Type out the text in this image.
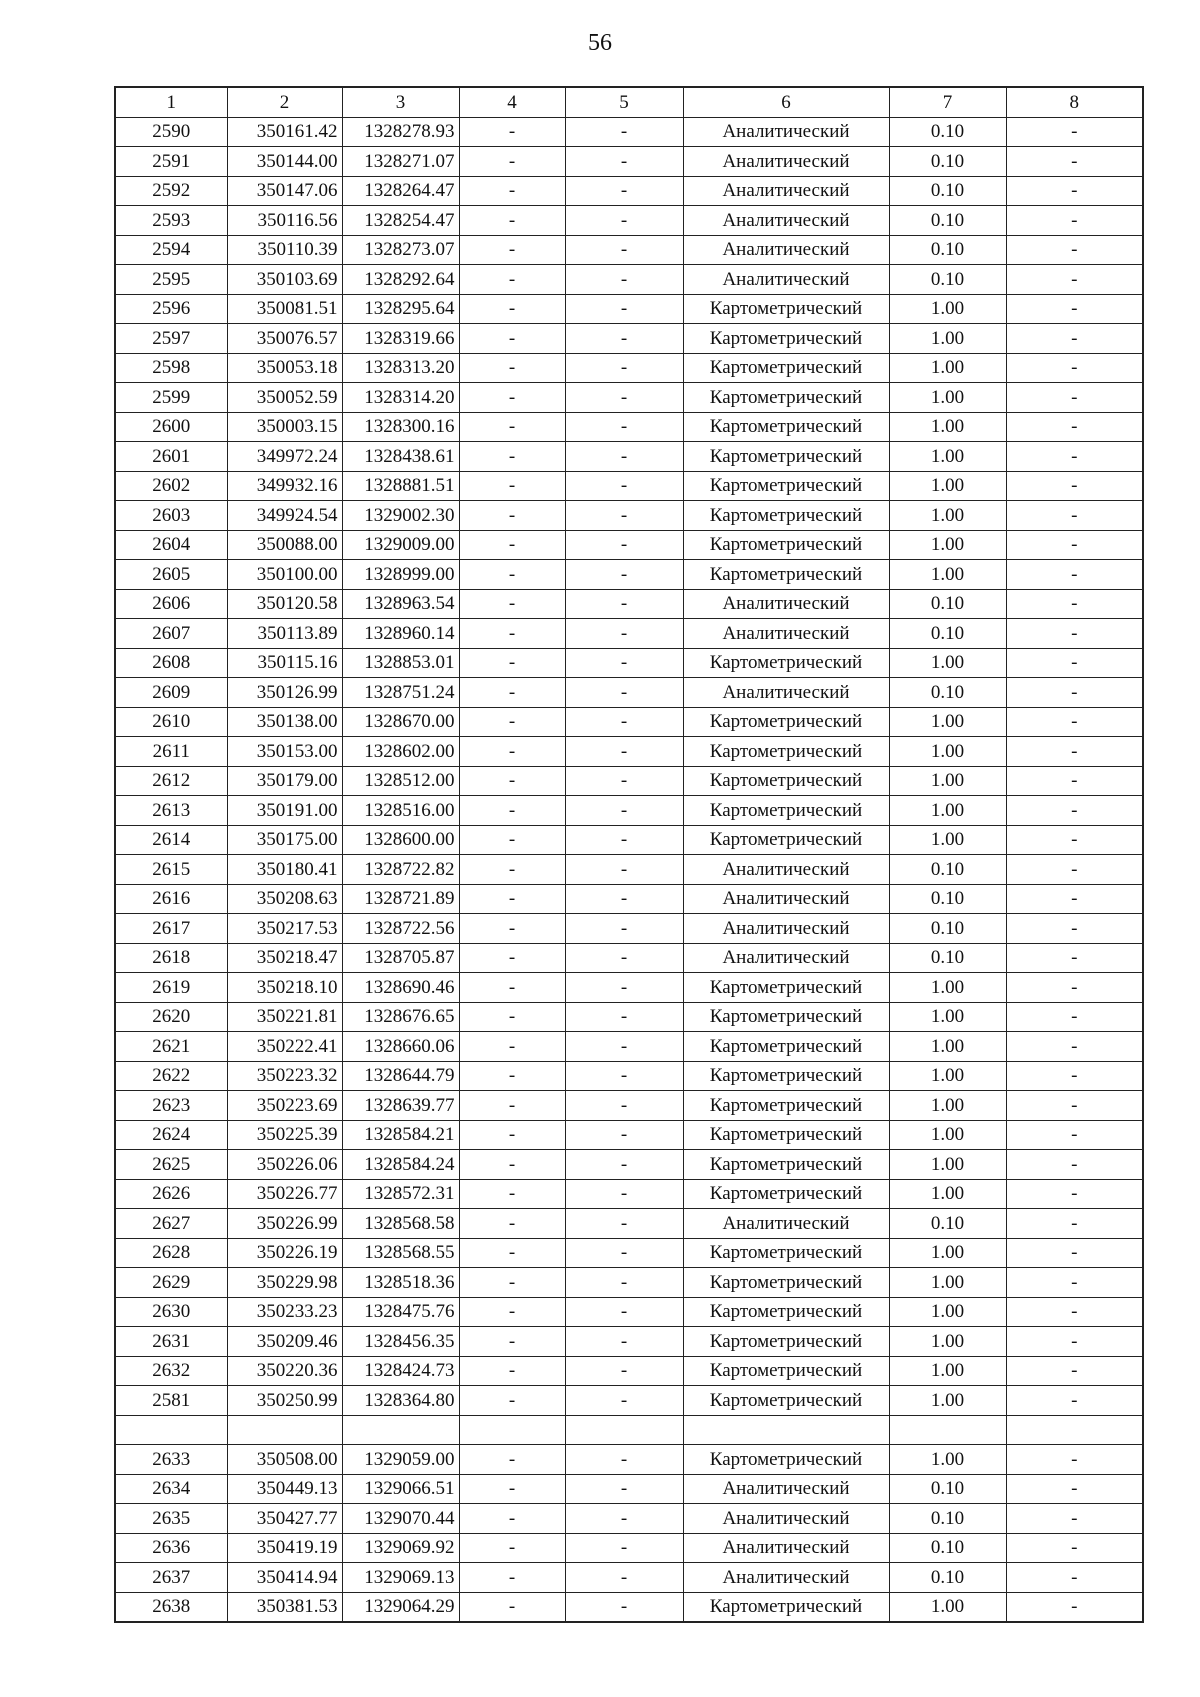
56
1	2	3	4	5	6	7	8
2590	350161.42	1328278.93	-	-	Аналитический	0.10	-
2591	350144.00	1328271.07	-	-	Аналитический	0.10	-
2592	350147.06	1328264.47	-	-	Аналитический	0.10	-
2593	350116.56	1328254.47	-	-	Аналитический	0.10	-
2594	350110.39	1328273.07	-	-	Аналитический	0.10	-
2595	350103.69	1328292.64	-	-	Аналитический	0.10	-
2596	350081.51	1328295.64	-	-	Картометрический	1.00	-
2597	350076.57	1328319.66	-	-	Картометрический	1.00	-
2598	350053.18	1328313.20	-	-	Картометрический	1.00	-
2599	350052.59	1328314.20	-	-	Картометрический	1.00	-
2600	350003.15	1328300.16	-	-	Картометрический	1.00	-
2601	349972.24	1328438.61	-	-	Картометрический	1.00	-
2602	349932.16	1328881.51	-	-	Картометрический	1.00	-
2603	349924.54	1329002.30	-	-	Картометрический	1.00	-
2604	350088.00	1329009.00	-	-	Картометрический	1.00	-
2605	350100.00	1328999.00	-	-	Картометрический	1.00	-
2606	350120.58	1328963.54	-	-	Аналитический	0.10	-
2607	350113.89	1328960.14	-	-	Аналитический	0.10	-
2608	350115.16	1328853.01	-	-	Картометрический	1.00	-
2609	350126.99	1328751.24	-	-	Аналитический	0.10	-
2610	350138.00	1328670.00	-	-	Картометрический	1.00	-
2611	350153.00	1328602.00	-	-	Картометрический	1.00	-
2612	350179.00	1328512.00	-	-	Картометрический	1.00	-
2613	350191.00	1328516.00	-	-	Картометрический	1.00	-
2614	350175.00	1328600.00	-	-	Картометрический	1.00	-
2615	350180.41	1328722.82	-	-	Аналитический	0.10	-
2616	350208.63	1328721.89	-	-	Аналитический	0.10	-
2617	350217.53	1328722.56	-	-	Аналитический	0.10	-
2618	350218.47	1328705.87	-	-	Аналитический	0.10	-
2619	350218.10	1328690.46	-	-	Картометрический	1.00	-
2620	350221.81	1328676.65	-	-	Картометрический	1.00	-
2621	350222.41	1328660.06	-	-	Картометрический	1.00	-
2622	350223.32	1328644.79	-	-	Картометрический	1.00	-
2623	350223.69	1328639.77	-	-	Картометрический	1.00	-
2624	350225.39	1328584.21	-	-	Картометрический	1.00	-
2625	350226.06	1328584.24	-	-	Картометрический	1.00	-
2626	350226.77	1328572.31	-	-	Картометрический	1.00	-
2627	350226.99	1328568.58	-	-	Аналитический	0.10	-
2628	350226.19	1328568.55	-	-	Картометрический	1.00	-
2629	350229.98	1328518.36	-	-	Картометрический	1.00	-
2630	350233.23	1328475.76	-	-	Картометрический	1.00	-
2631	350209.46	1328456.35	-	-	Картометрический	1.00	-
2632	350220.36	1328424.73	-	-	Картометрический	1.00	-
2581	350250.99	1328364.80	-	-	Картометрический	1.00	-

2633	350508.00	1329059.00	-	-	Картометрический	1.00	-
2634	350449.13	1329066.51	-	-	Аналитический	0.10	-
2635	350427.77	1329070.44	-	-	Аналитический	0.10	-
2636	350419.19	1329069.92	-	-	Аналитический	0.10	-
2637	350414.94	1329069.13	-	-	Аналитический	0.10	-
2638	350381.53	1329064.29	-	-	Картометрический	1.00	-
